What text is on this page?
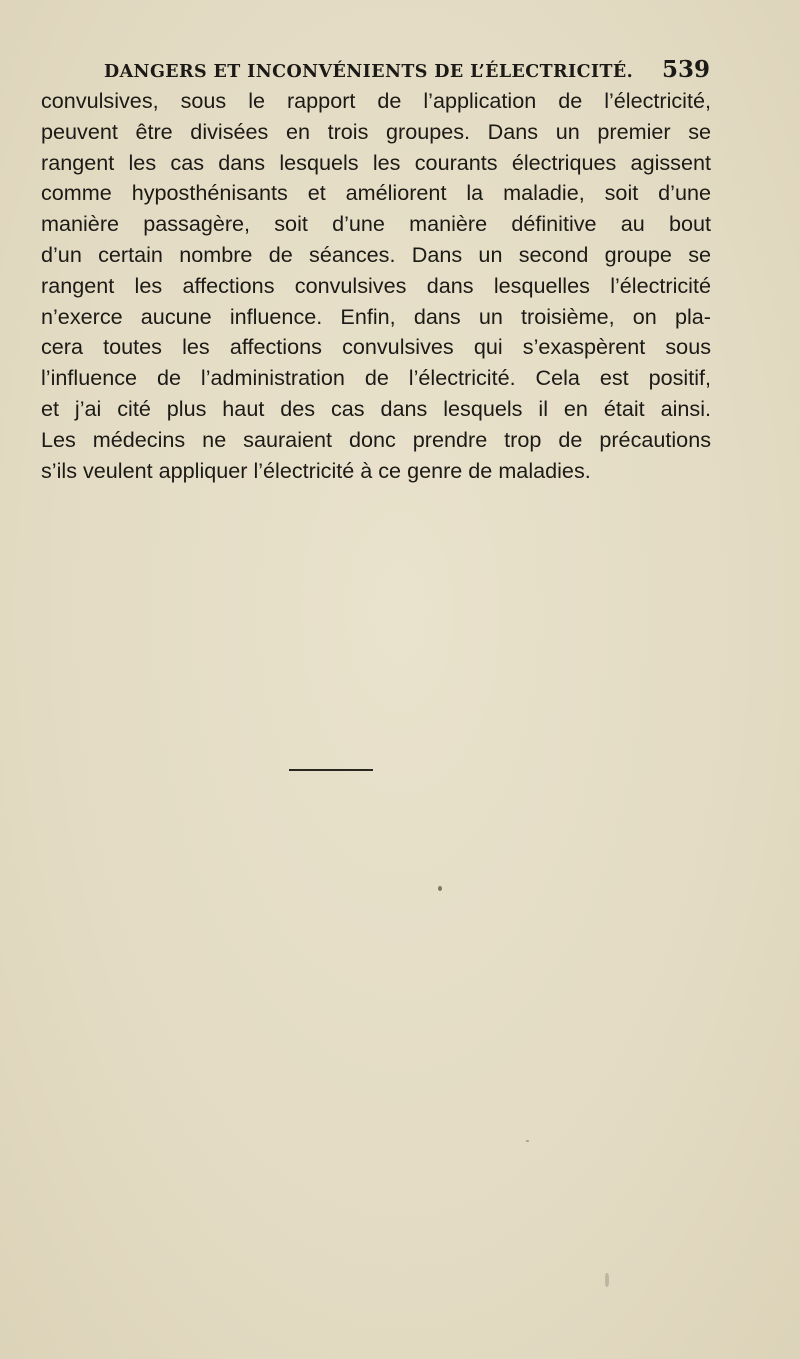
DANGERS ET INCONVÉNIENTS DE L’ÉLECTRICITÉ. 539

convulsives, sous le rapport de l’application de l’électricité,
peuvent être divisées en trois groupes. Dans un premier se
rangent les cas dans lesquels les courants électriques agissent
comme hyposthénisants et améliorent la maladie, soit d’une
manière passagère, soit d’une manière définitive au bout
d’un certain nombre de séances. Dans un second groupe se
rangent les affections convulsives dans lesquelles l’électricité
n’exerce aucune influence. Enfin, dans un troisième, on pla-
cera toutes les affections convulsives qui s’exaspèrent sous
l’influence de l’administration de l’électricité. Cela est positif,
et j’ai cité plus haut des cas dans lesquels il en était ainsi.
Les médecins ne sauraient donc prendre trop de précautions
s’ils veulent appliquer l’électricité à ce genre de maladies.
